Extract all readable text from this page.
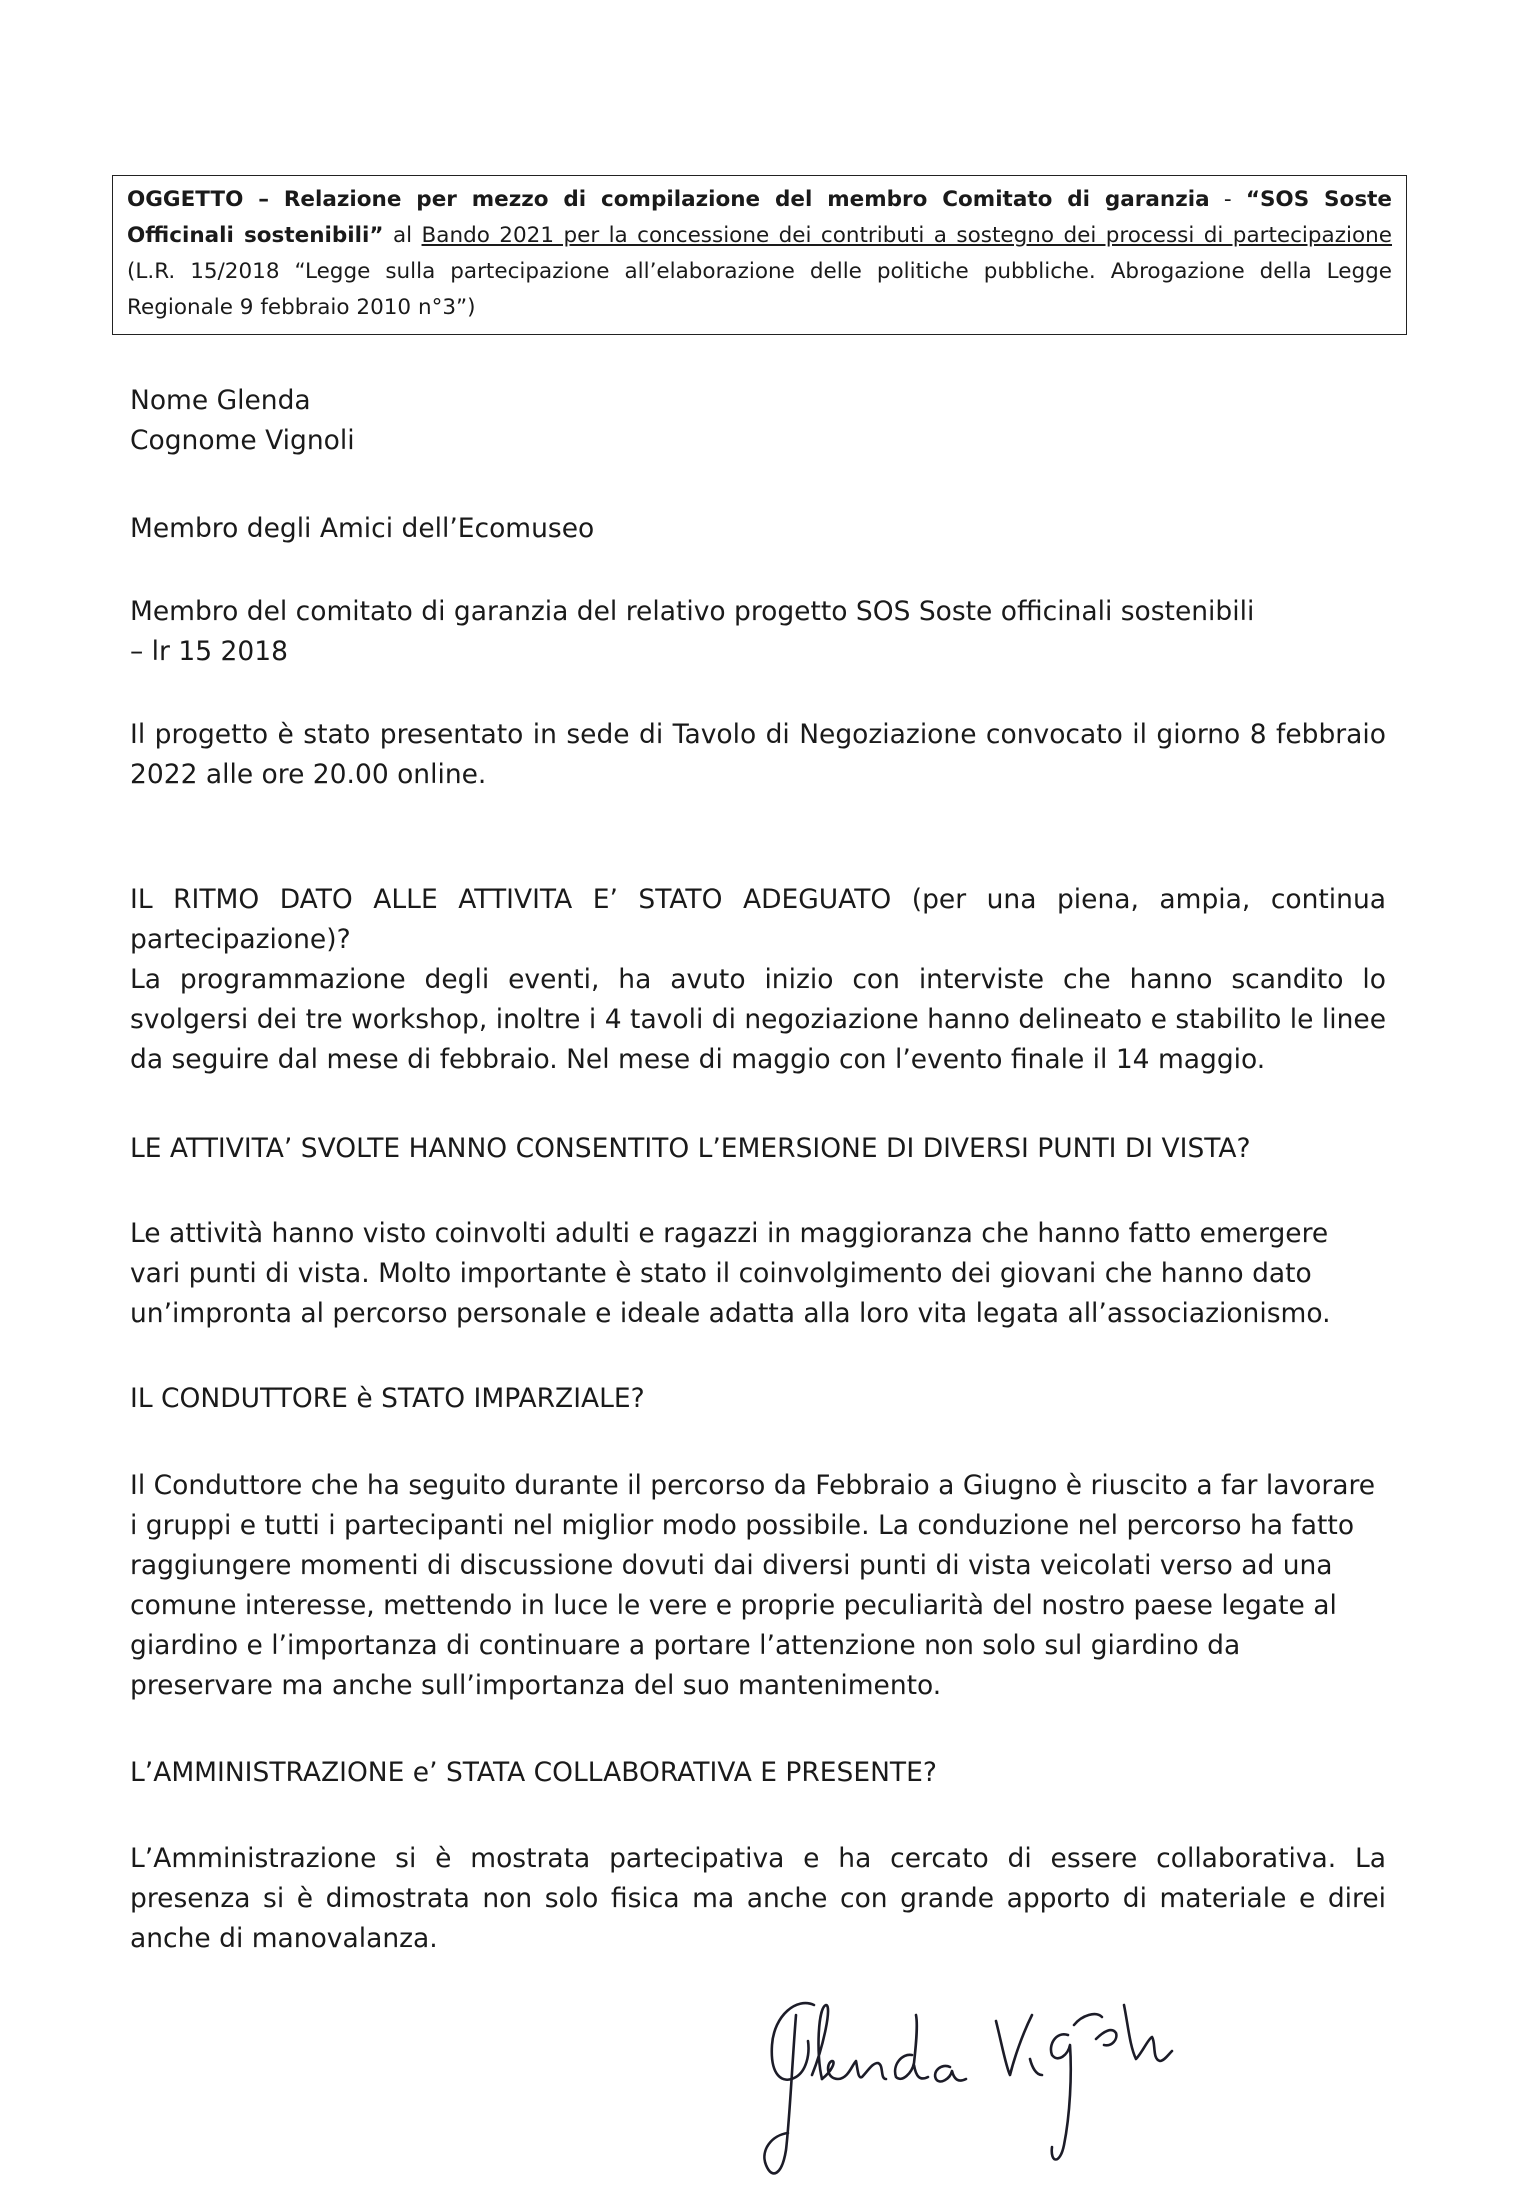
OGGETTO – Relazione per mezzo di compilazione del membro Comitato di garanzia - “SOS Soste Officinali sostenibili” al Bando 2021 per la concessione dei contributi a sostegno dei processi di partecipazione (L.R. 15/2018 “Legge sulla partecipazione all’elaborazione delle politiche pubbliche. Abrogazione della Legge Regionale 9 febbraio 2010 n°3”)
Nome Glenda
Cognome Vignoli
Membro degli Amici dell’Ecomuseo
Membro del comitato di garanzia del relativo progetto SOS Soste officinali sostenibili
– lr 15 2018
Il progetto è stato presentato in sede di Tavolo di Negoziazione convocato il giorno 8 febbraio 2022 alle ore 20.00 online.
IL RITMO DATO ALLE ATTIVITA E’ STATO ADEGUATO (per una piena, ampia, continua partecipazione)?
La programmazione degli eventi, ha avuto inizio con interviste che hanno scandito lo svolgersi dei tre workshop, inoltre i 4 tavoli di negoziazione hanno delineato e stabilito le linee da seguire dal mese di febbraio. Nel mese di maggio con l’evento finale il 14 maggio.
LE ATTIVITA’ SVOLTE HANNO CONSENTITO L’EMERSIONE DI DIVERSI PUNTI DI VISTA?
Le attività hanno visto coinvolti adulti e ragazzi in maggioranza che hanno fatto emergere vari punti di vista. Molto importante è stato il coinvolgimento dei giovani che hanno dato un’impronta al percorso personale e ideale adatta alla loro vita legata all’associazionismo.
IL CONDUTTORE è STATO IMPARZIALE?
Il Conduttore che ha seguito durante il percorso da Febbraio a Giugno è riuscito a far lavorare i gruppi e tutti i partecipanti nel miglior modo possibile. La conduzione nel percorso ha fatto raggiungere momenti di discussione dovuti dai diversi punti di vista veicolati verso ad una comune interesse, mettendo in luce le vere e proprie peculiarità del nostro paese legate al giardino e l’importanza di continuare a portare l’attenzione non solo sul giardino da preservare ma anche sull’importanza del suo mantenimento.
L’AMMINISTRAZIONE e’ STATA COLLABORATIVA E PRESENTE?
L’Amministrazione si è mostrata partecipativa e ha cercato di essere collaborativa. La presenza si è dimostrata non solo fisica ma anche con grande apporto di materiale e direi anche di manovalanza.
